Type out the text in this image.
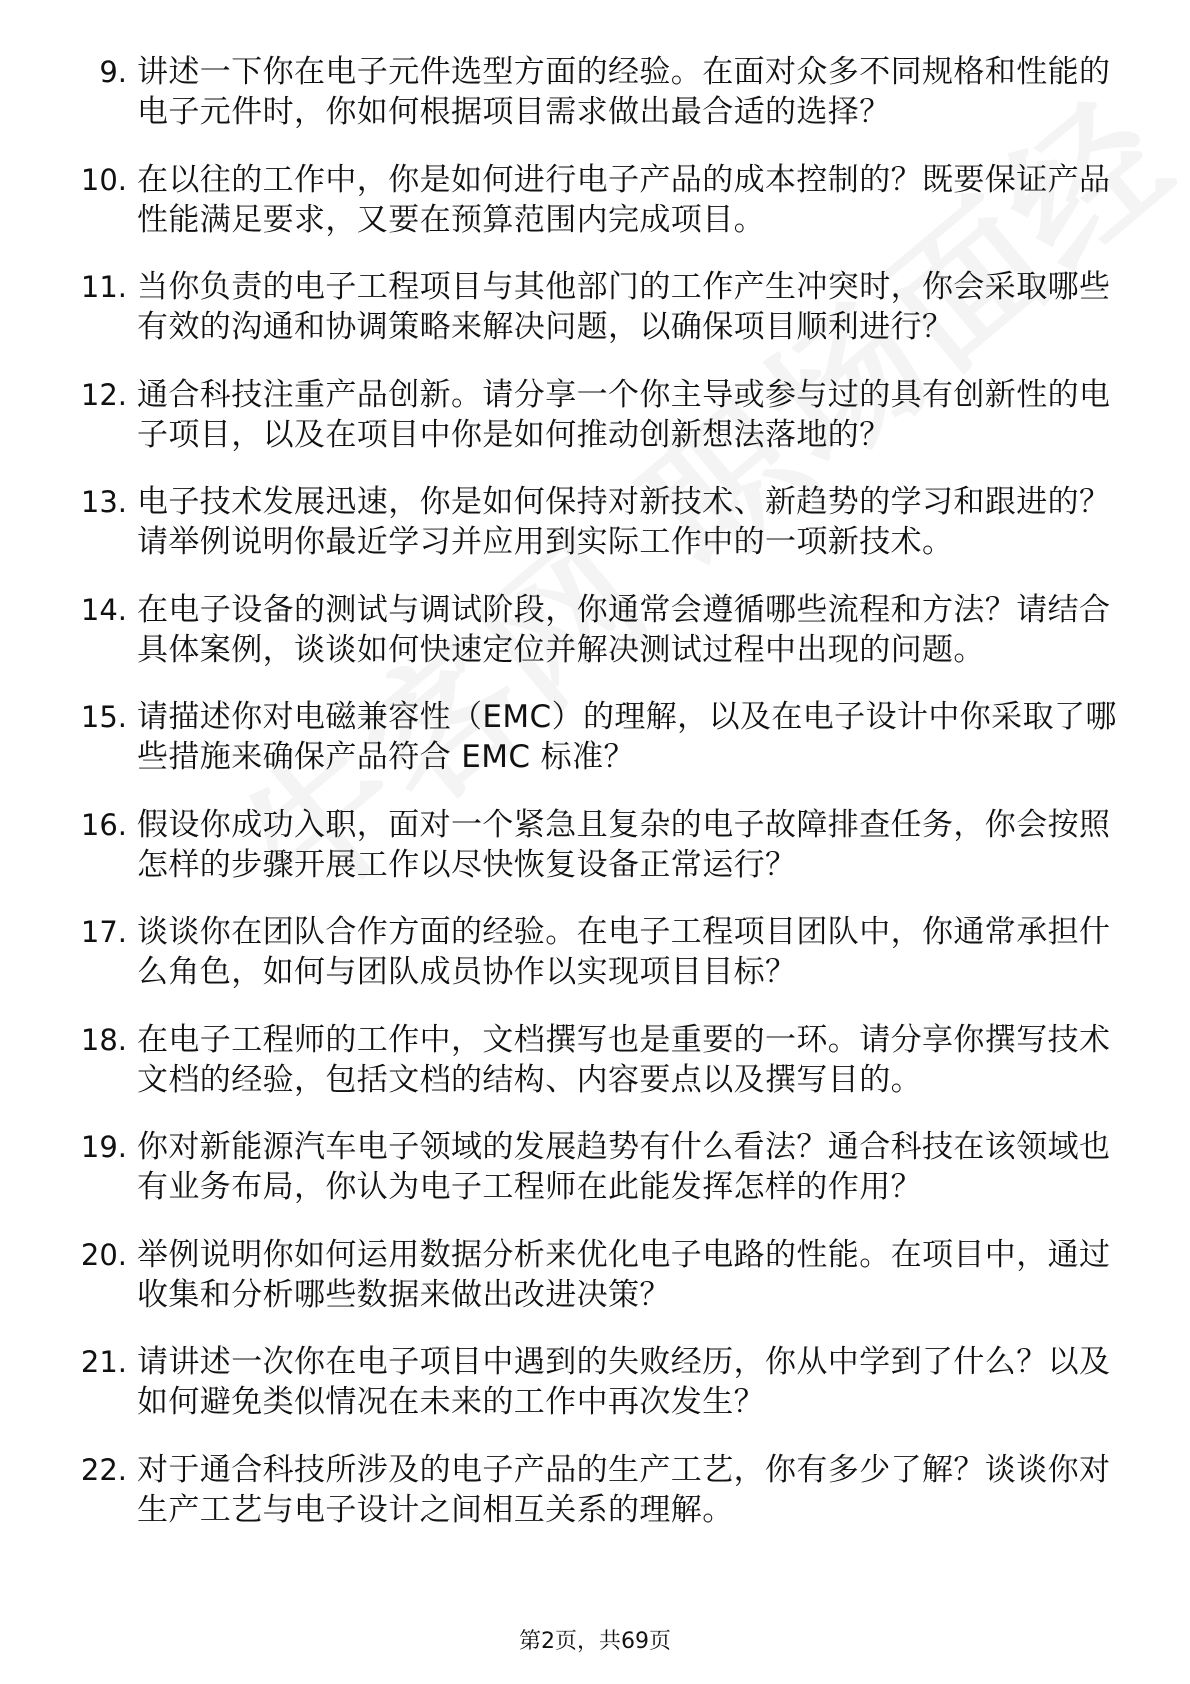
9. 讲述一下你在电子元件选型方面的经验。在面对众多不同规格和性能的电子元件时，你如何根据项目需求做出最合适的选择？
10. 在以往的工作中，你是如何进行电子产品的成本控制的？既要保证产品性能满足要求，又要在预算范围内完成项目。
11. 当你负责的电子工程项目与其他部门的工作产生冲突时，你会采取哪些有效的沟通和协调策略来解决问题，以确保项目顺利进行？
12. 通合科技注重产品创新。请分享一个你主导或参与过的具有创新性的电子项目，以及在项目中你是如何推动创新想法落地的？
13. 电子技术发展迅速，你是如何保持对新技术、新趋势的学习和跟进的？请举例说明你最近学习并应用到实际工作中的一项新技术。
14. 在电子设备的测试与调试阶段，你通常会遵循哪些流程和方法？请结合具体案例，谈谈如何快速定位并解决测试过程中出现的问题。
15. 请描述你对电磁兼容性（EMC）的理解，以及在电子设计中你采取了哪些措施来确保产品符合 EMC 标准？
16. 假设你成功入职，面对一个紧急且复杂的电子故障排查任务，你会按照怎样的步骤开展工作以尽快恢复设备正常运行？
17. 谈谈你在团队合作方面的经验。在电子工程项目团队中，你通常承担什么角色，如何与团队成员协作以实现项目目标？
18. 在电子工程师的工作中，文档撰写也是重要的一环。请分享你撰写技术文档的经验，包括文档的结构、内容要点以及撰写目的。
19. 你对新能源汽车电子领域的发展趋势有什么看法？通合科技在该领域也有业务布局，你认为电子工程师在此能发挥怎样的作用？
20. 举例说明你如何运用数据分析来优化电子电路的性能。在项目中，通过收集和分析哪些数据来做出改进决策？
21. 请讲述一次你在电子项目中遇到的失败经历，你从中学到了什么？以及如何避免类似情况在未来的工作中再次发生？
22. 对于通合科技所涉及的电子产品的生产工艺，你有多少了解？谈谈你对生产工艺与电子设计之间相互关系的理解。
第2页，共69页
